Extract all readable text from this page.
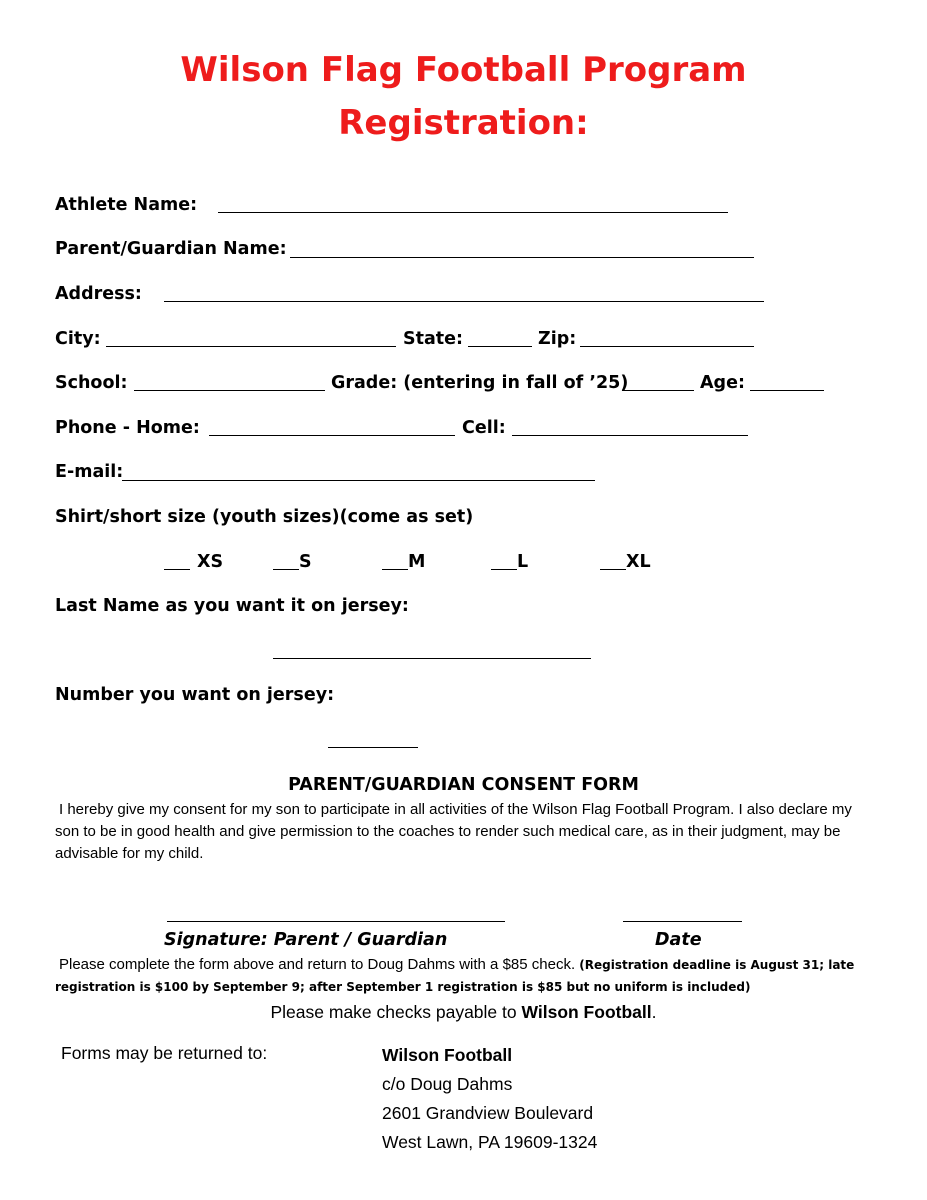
Wilson Flag Football Program
Registration:
Athlete Name:
Parent/Guardian Name:
Address:
City:	State:	Zip:
School:	Grade: (entering in fall of ’25)	Age:
Phone - Home:	Cell:
E-mail:
Shirt/short size (youth sizes)(come as set)
XS	S	M	L	XL
Last Name as you want it on jersey:
Number you want on jersey:
PARENT/GUARDIAN CONSENT FORM

I hereby give my consent for my son to participate in all activities of the Wilson Flag Football Program. I also declare my son to be in good health and give permission to the coaches to render such medical care, as in their judgment, may be advisable for my child.

Signature: Parent / Guardian	Date

Please complete the form above and return to Doug Dahms with a $85 check. (Registration deadline is August 31; late registration is $100 by September 9; after September 1 registration is $85 but no uniform is included)

Please make checks payable to Wilson Football.
Forms may be returned to:	Wilson Football
c/o Doug Dahms
2601 Grandview Boulevard
West Lawn, PA 19609-1324
